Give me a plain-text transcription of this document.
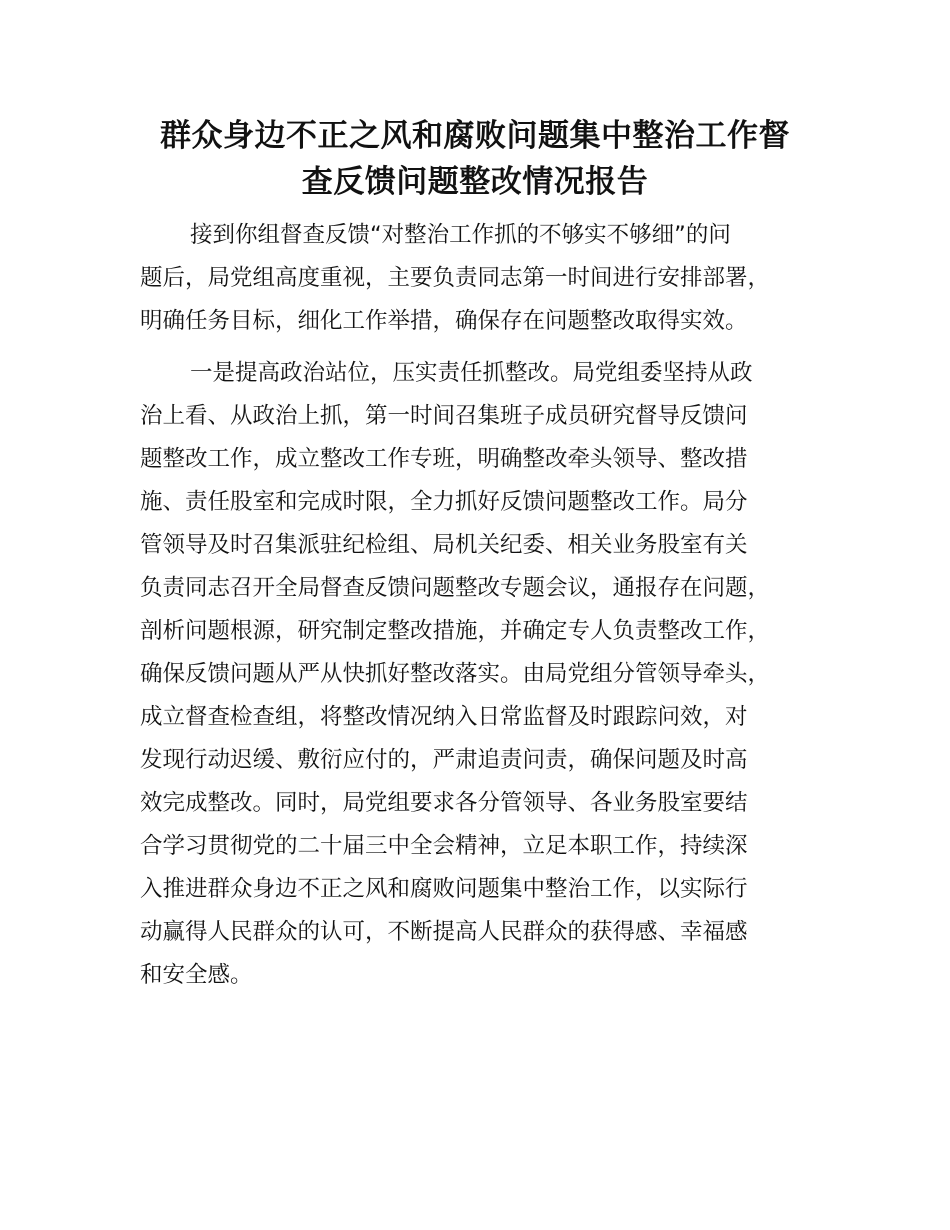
群众身边不正之风和腐败问题集中整治工作督
查反馈问题整改情况报告
接到你组督查反馈“对整治工作抓的不够实不够细”的问
题后，局党组高度重视，主要负责同志第一时间进行安排部署，
明确任务目标，细化工作举措，确保存在问题整改取得实效。
一是提高政治站位，压实责任抓整改。局党组委坚持从政
治上看、从政治上抓，第一时间召集班子成员研究督导反馈问
题整改工作，成立整改工作专班，明确整改牵头领导、整改措
施、责任股室和完成时限，全力抓好反馈问题整改工作。局分
管领导及时召集派驻纪检组、局机关纪委、相关业务股室有关
负责同志召开全局督查反馈问题整改专题会议，通报存在问题，
剖析问题根源，研究制定整改措施，并确定专人负责整改工作，
确保反馈问题从严从快抓好整改落实。由局党组分管领导牵头，
成立督查检查组，将整改情况纳入日常监督及时跟踪问效，对
发现行动迟缓、敷衍应付的，严肃追责问责，确保问题及时高
效完成整改。同时，局党组要求各分管领导、各业务股室要结
合学习贯彻党的二十届三中全会精神，立足本职工作，持续深
入推进群众身边不正之风和腐败问题集中整治工作，以实际行
动赢得人民群众的认可，不断提高人民群众的获得感、幸福感
和安全感。
